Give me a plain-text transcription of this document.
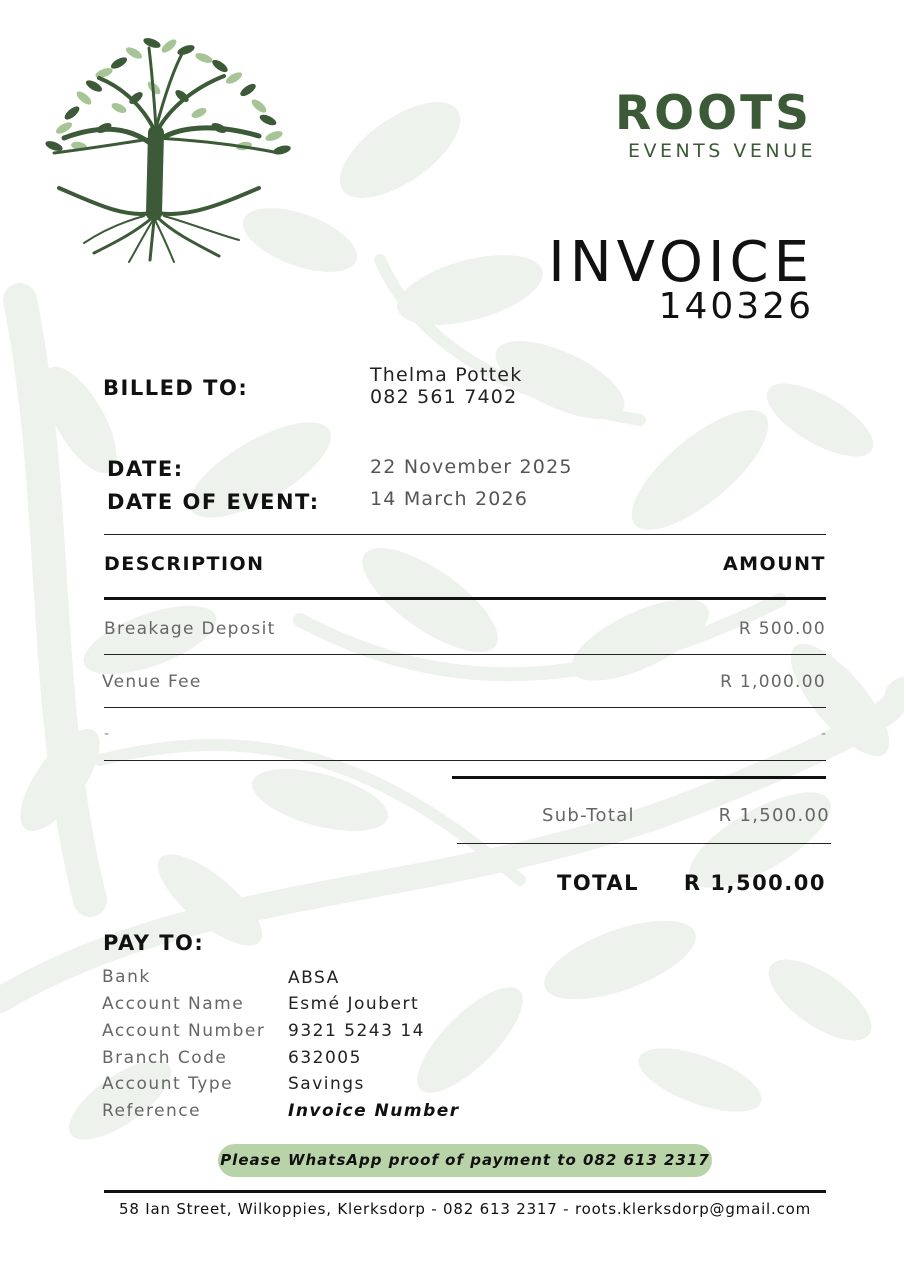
ROOTS
EVENTS VENUE
INVOICE
140326
BILLED TO:
Thelma Pottek
082 561 7402
DATE:	22 November 2025
DATE OF EVENT:	14 March 2026
DESCRIPTION	AMOUNT
Breakage Deposit	R 500.00
Venue Fee	R 1,000.00
-	-
Sub-Total	R 1,500.00
TOTAL R 1,500.00
PAY TO:
Bank	ABSA
Account Name	Esmé Joubert
Account Number 9321 5243 14
Branch Code	632005
Account Type	Savings
Reference	Invoice Number
Please WhatsApp proof of payment to 082 613 2317
58 Ian Street, Wilkoppies, Klerksdorp - 082 613 2317 - roots.klerksdorp@gmail.com
